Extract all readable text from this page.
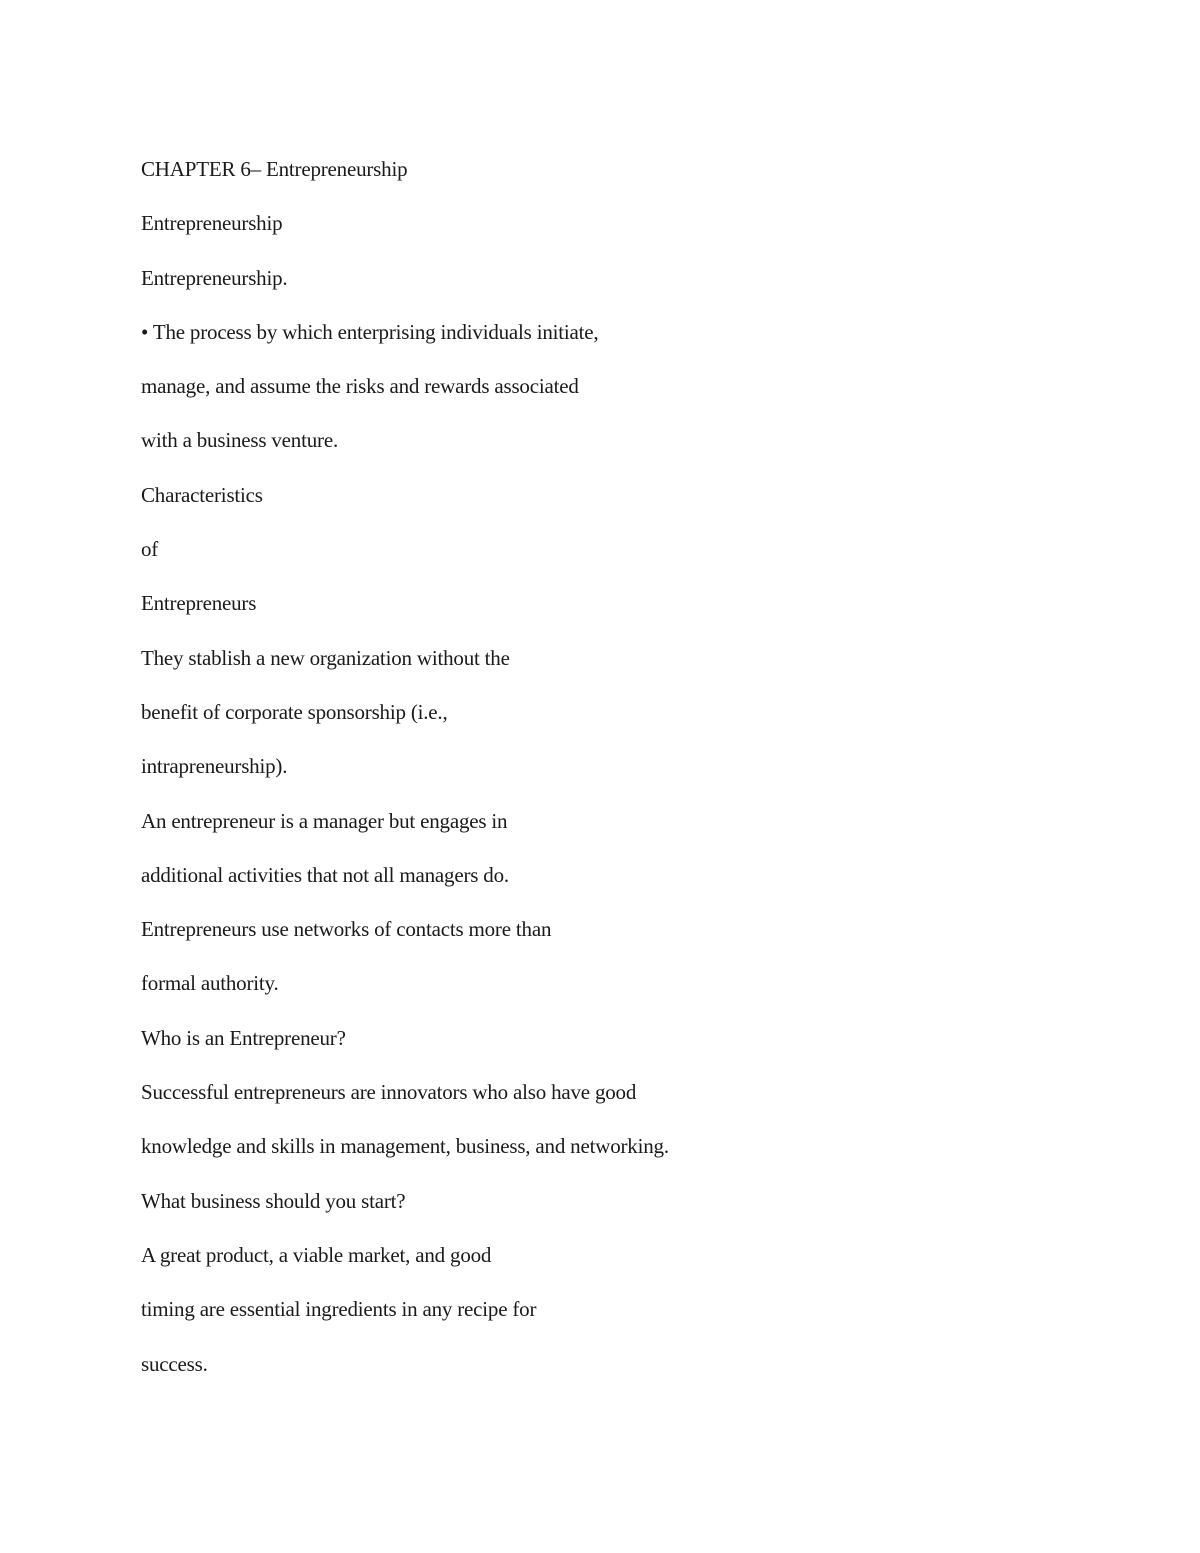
CHAPTER 6– Entrepreneurship
Entrepreneurship
Entrepreneurship.
• The process by which enterprising individuals initiate,
manage, and assume the risks and rewards associated
with a business venture.
Characteristics
of
Entrepreneurs
They stablish a new organization without the
benefit of corporate sponsorship (i.e.,
intrapreneurship).
An entrepreneur is a manager but engages in
additional activities that not all managers do.
Entrepreneurs use networks of contacts more than
formal authority.
Who is an Entrepreneur?
Successful entrepreneurs are innovators who also have good
knowledge and skills in management, business, and networking.
What business should you start?
A great product, a viable market, and good
timing are essential ingredients in any recipe for
success.
